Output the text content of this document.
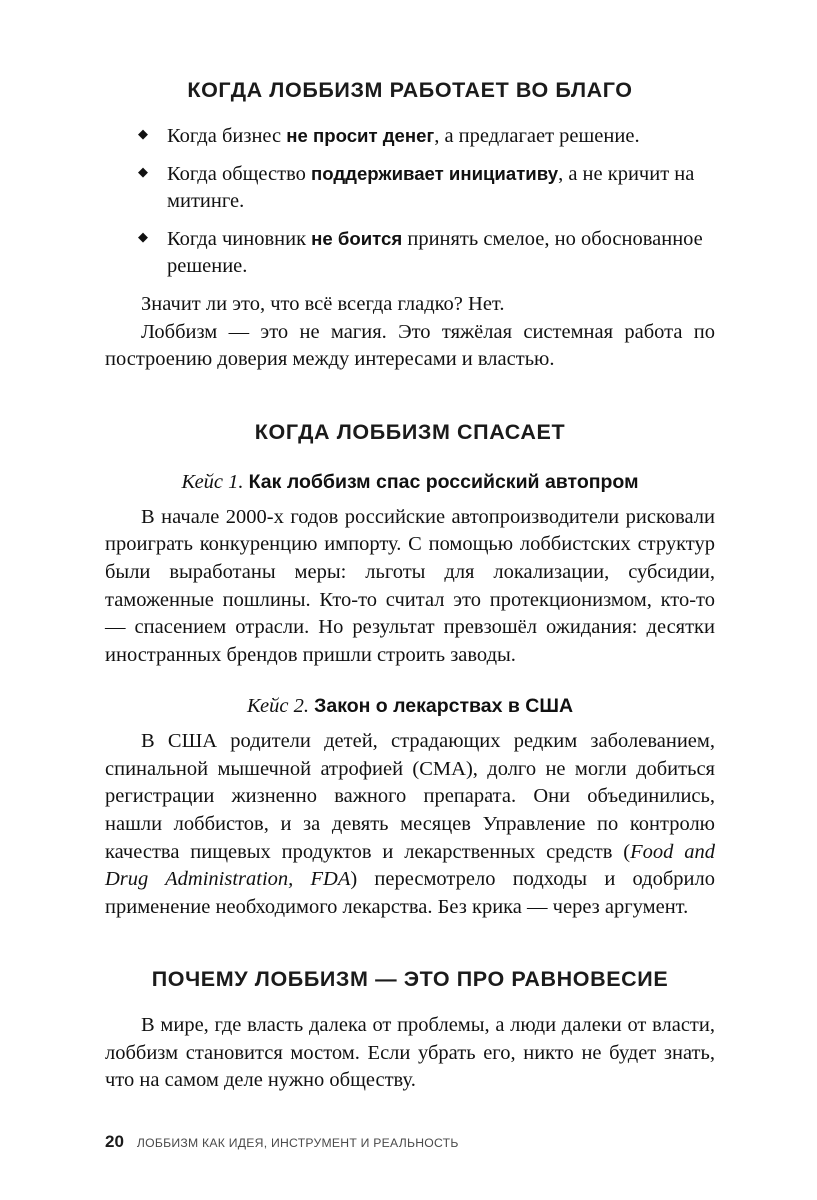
КОГДА ЛОББИЗМ РАБОТАЕТ ВО БЛАГО
◆ Когда бизнес не просит денег, а предлагает решение.
◆ Когда общество поддерживает инициативу, а не кричит на митинге.
◆ Когда чиновник не боится принять смелое, но обоснованное решение.

Значит ли это, что всё всегда гладко? Нет.

Лоббизм — это не магия. Это тяжёлая системная работа по построению доверия между интересами и властью.

КОГДА ЛОББИЗМ СПАСАЕТ
Кейс 1. Как лоббизм спас российский автопром

В начале 2000-х годов российские автопроизводители рисковали проиграть конкуренцию импорту. С помощью лоббистских структур были выработаны меры: льготы для локализации, субсидии, таможенные пошлины. Кто-то считал это протекционизмом, кто-то — спасением отрасли. Но результат превзошёл ожидания: десятки иностранных брендов пришли строить заводы.

Кейс 2. Закон о лекарствах в США

В США родители детей, страдающих редким заболеванием, спинальной мышечной атрофией (СМА), долго не могли добиться регистрации жизненно важного препарата. Они объединились, нашли лоббистов, и за девять месяцев Управление по контролю качества пищевых продуктов и лекарственных средств (Food and Drug Administration, FDA) пересмотрело подходы и одобрило применение необходимого лекарства. Без крика — через аргумент.

ПОЧЕМУ ЛОББИЗМ — ЭТО ПРО РАВНОВЕСИЕ

В мире, где власть далека от проблемы, а люди далеки от власти, лоббизм становится мостом. Если убрать его, никто не будет знать, что на самом деле нужно обществу.

20 ЛОББИЗМ КАК ИДЕЯ, ИНСТРУМЕНТ И РЕАЛЬНОСТЬ
